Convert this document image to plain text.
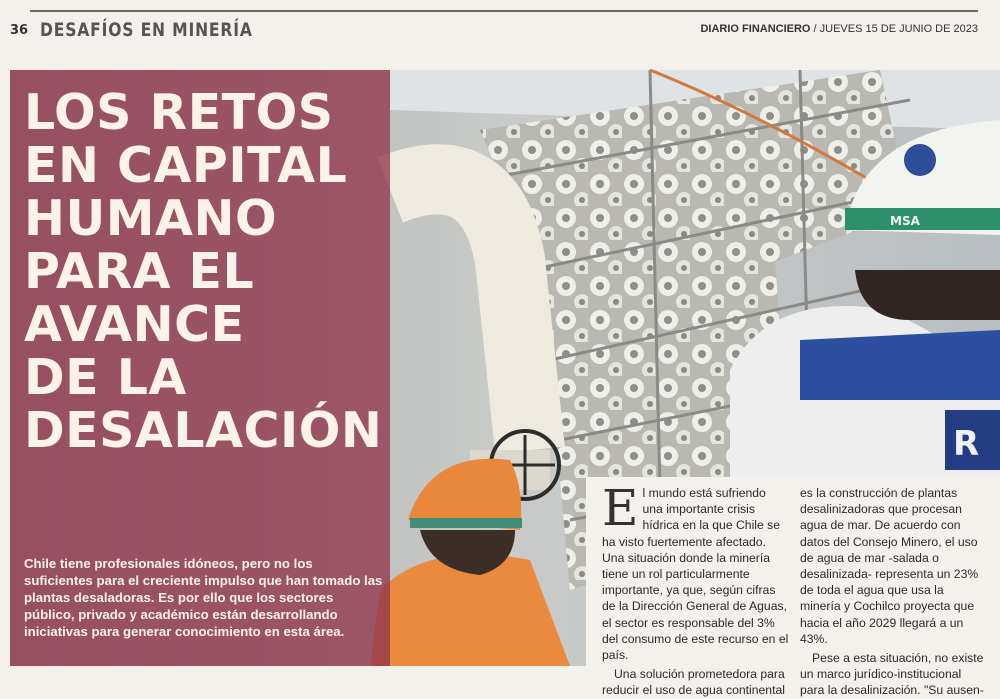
36 DESAFÍOS EN MINERÍA	DIARIO FINANCIERO / JUEVES 15 DE JUNIO DE 2023
R
MSA
LOS RETOS
EN CAPITAL
HUMANO
PARA EL
AVANCE
DE LA
DESALACIÓN
Chile tiene profesionales idóneos, pero no los suficientes para el creciente impulso que han tomado las plantas desaladoras. Es por ello que los sectores público, privado y académico están desarrollando iniciativas para generar conocimiento en esta área.

El mundo está sufriendo una importante crisis hídrica en la que Chile se ha visto fuertemente afectado. Una situación donde la minería tiene un rol particularmente importante, ya que, según cifras de la Dirección General de Aguas, el sector es responsable del 3% del consumo de este recurso en el país.

Una solución prometedora para reducir el uso de agua continental

es la construcción de plantas desalinizadoras que procesan agua de mar. De acuerdo con datos del Consejo Minero, el uso de agua de mar -salada o desalinizada- representa un 23% de toda el agua que usa la minería y Cochilco proyecta que hacia el año 2029 llegará a un 43%.

Pese a esta situación, no existe un marco jurídico-institucional para la desalinización. "Su ausen-
